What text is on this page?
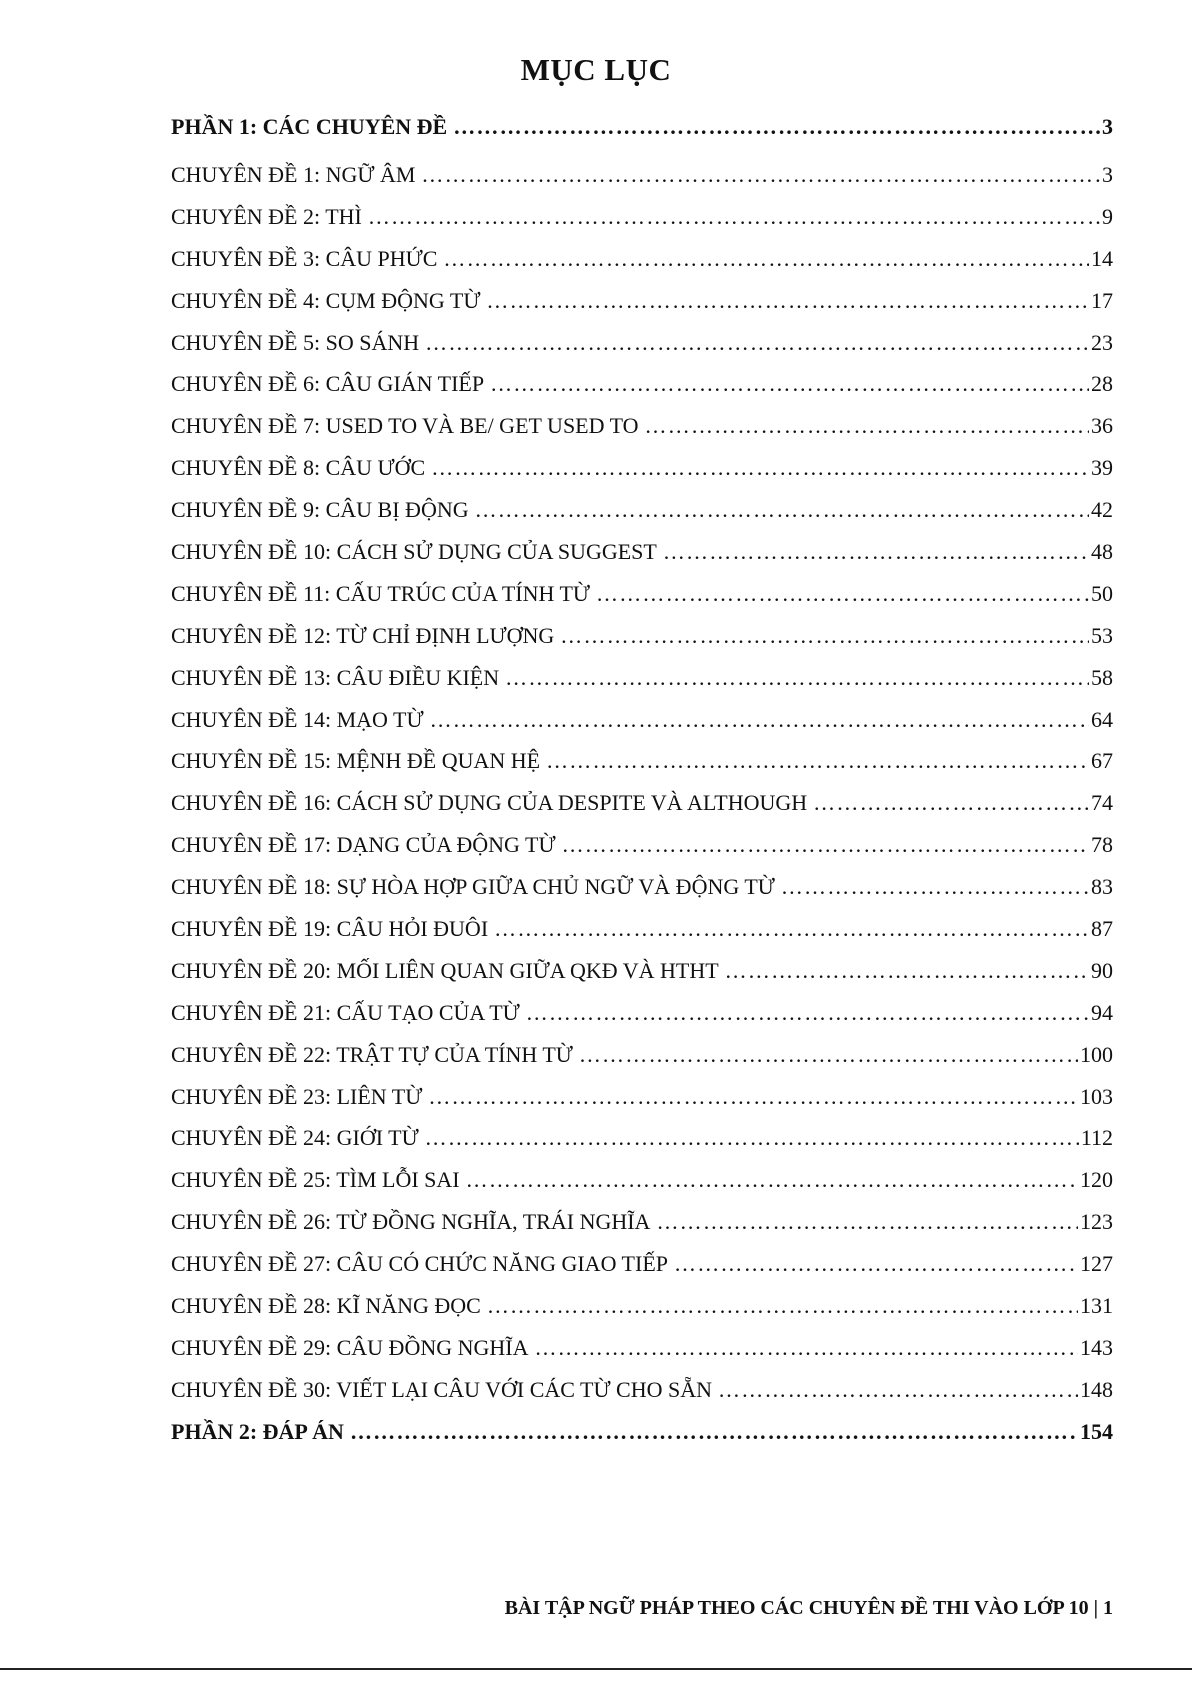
MỤC LỤC
PHẦN 1: CÁC CHUYÊN ĐỀ ……………………………………………………………………………………………………………………………………………………………………………………………………	3
CHUYÊN ĐỀ 1: NGỮ ÂM ……………………………………………………………………………………………………………………………………………………………………………………………………	3
CHUYÊN ĐỀ 2: THÌ ……………………………………………………………………………………………………………………………………………………………………………………………………	9
CHUYÊN ĐỀ 3: CÂU PHỨC ……………………………………………………………………………………………………………………………………………………………………………………………………	14
CHUYÊN ĐỀ 4: CỤM ĐỘNG TỪ ……………………………………………………………………………………………………………………………………………………………………………………………………	17
CHUYÊN ĐỀ 5: SO SÁNH ……………………………………………………………………………………………………………………………………………………………………………………………………	23
CHUYÊN ĐỀ 6: CÂU GIÁN TIẾP ……………………………………………………………………………………………………………………………………………………………………………………………………	28
CHUYÊN ĐỀ 7: USED TO VÀ BE/ GET USED TO ……………………………………………………………………………………………………………………………………………………………………………………………………	36
CHUYÊN ĐỀ 8: CÂU ƯỚC ……………………………………………………………………………………………………………………………………………………………………………………………………	39
CHUYÊN ĐỀ 9: CÂU BỊ ĐỘNG ……………………………………………………………………………………………………………………………………………………………………………………………………	42
CHUYÊN ĐỀ 10: CÁCH SỬ DỤNG CỦA SUGGEST ……………………………………………………………………………………………………………………………………………………………………………………………………	48
CHUYÊN ĐỀ 11: CẤU TRÚC CỦA TÍNH TỪ ……………………………………………………………………………………………………………………………………………………………………………………………………	50
CHUYÊN ĐỀ 12: TỪ CHỈ ĐỊNH LƯỢNG ……………………………………………………………………………………………………………………………………………………………………………………………………	53
CHUYÊN ĐỀ 13: CÂU ĐIỀU KIỆN ……………………………………………………………………………………………………………………………………………………………………………………………………	58
CHUYÊN ĐỀ 14: MẠO TỪ ……………………………………………………………………………………………………………………………………………………………………………………………………	64
CHUYÊN ĐỀ 15: MỆNH ĐỀ QUAN HỆ ……………………………………………………………………………………………………………………………………………………………………………………………………	67
CHUYÊN ĐỀ 16: CÁCH SỬ DỤNG CỦA DESPITE VÀ ALTHOUGH ……………………………………………………………………………………………………………………………………………………………………………………………………	74
CHUYÊN ĐỀ 17: DẠNG CỦA ĐỘNG TỪ ……………………………………………………………………………………………………………………………………………………………………………………………………	78
CHUYÊN ĐỀ 18: SỰ HÒA HỢP GIỮA CHỦ NGỮ VÀ ĐỘNG TỪ ……………………………………………………………………………………………………………………………………………………………………………………………………	83
CHUYÊN ĐỀ 19: CÂU HỎI ĐUÔI ……………………………………………………………………………………………………………………………………………………………………………………………………	87
CHUYÊN ĐỀ 20: MỐI LIÊN QUAN GIỮA QKĐ VÀ HTHT ……………………………………………………………………………………………………………………………………………………………………………………………………	90
CHUYÊN ĐỀ 21: CẤU TẠO CỦA TỪ ……………………………………………………………………………………………………………………………………………………………………………………………………	94
CHUYÊN ĐỀ 22: TRẬT TỰ CỦA TÍNH TỪ ……………………………………………………………………………………………………………………………………………………………………………………………………	100
CHUYÊN ĐỀ 23: LIÊN TỪ ……………………………………………………………………………………………………………………………………………………………………………………………………	103
CHUYÊN ĐỀ 24: GIỚI TỪ ……………………………………………………………………………………………………………………………………………………………………………………………………	112
CHUYÊN ĐỀ 25: TÌM LỖI SAI ……………………………………………………………………………………………………………………………………………………………………………………………………	120
CHUYÊN ĐỀ 26: TỪ ĐỒNG NGHĨA, TRÁI NGHĨA ……………………………………………………………………………………………………………………………………………………………………………………………………	123
CHUYÊN ĐỀ 27: CÂU CÓ CHỨC NĂNG GIAO TIẾP ……………………………………………………………………………………………………………………………………………………………………………………………………	127
CHUYÊN ĐỀ 28: KĨ NĂNG ĐỌC ……………………………………………………………………………………………………………………………………………………………………………………………………	131
CHUYÊN ĐỀ 29: CÂU ĐỒNG NGHĨA ……………………………………………………………………………………………………………………………………………………………………………………………………	143
CHUYÊN ĐỀ 30: VIẾT LẠI CÂU VỚI CÁC TỪ CHO SẴN ……………………………………………………………………………………………………………………………………………………………………………………………………	148
PHẦN 2: ĐÁP ÁN ……………………………………………………………………………………………………………………………………………………………………………………………………	154
BÀI TẬP NGỮ PHÁP THEO CÁC CHUYÊN ĐỀ THI VÀO LỚP 10 | 1
